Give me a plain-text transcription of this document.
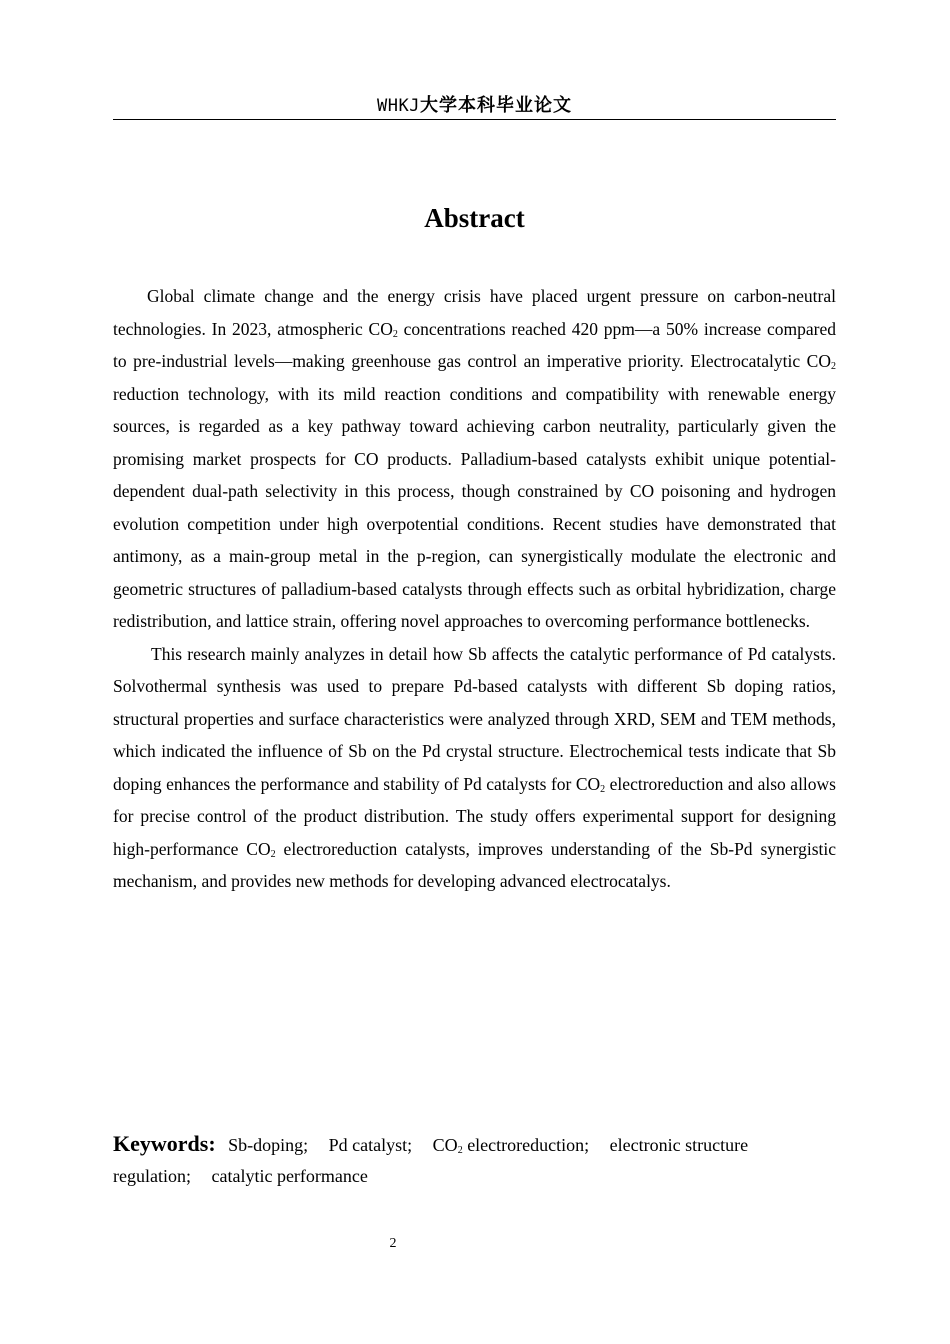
WHKJ大学本科毕业论文
Abstract

Global climate change and the energy crisis have placed urgent pressure on carbon-neutral technologies. In 2023, atmospheric $CO_2$ concentrations reached 420 ppm—a 50% increase compared to pre-industrial levels—making greenhouse gas control an imperative priority. Electrocatalytic $CO_2$ reduction technology, with its mild reaction conditions and compatibility with renewable energy sources, is regarded as a key pathway toward achieving carbon neutrality, particularly given the promising market prospects for CO products. Palladium-based catalysts exhibit unique potential-dependent dual-path selectivity in this process, though constrained by CO poisoning and hydrogen evolution competition under high overpotential conditions. Recent studies have demonstrated that antimony, as a main-group metal in the p-region, can synergistically modulate the electronic and geometric structures of palladium-based catalysts through effects such as orbital hybridization, charge redistribution, and lattice strain, offering novel approaches to overcoming performance bottlenecks.

This research mainly analyzes in detail how Sb affects the catalytic performance of Pd catalysts. Solvothermal synthesis was used to prepare Pd-based catalysts with different Sb doping ratios, structural properties and surface characteristics were analyzed through XRD, SEM and TEM methods, which indicated the influence of Sb on the Pd crystal structure. Electrochemical tests indicate that Sb doping enhances the performance and stability of Pd catalysts for $CO_2$ electroreduction and also allows for precise control of the product distribution. The study offers experimental support for designing high-performance $CO_2$ electroreduction catalysts, improves understanding of the Sb-Pd synergistic mechanism, and provides new methods for developing advanced electrocatalys.

Keywords: Sb-doping; Pd catalyst; $CO_2$ electroreduction; electronic structure regulation; catalytic performance
2
